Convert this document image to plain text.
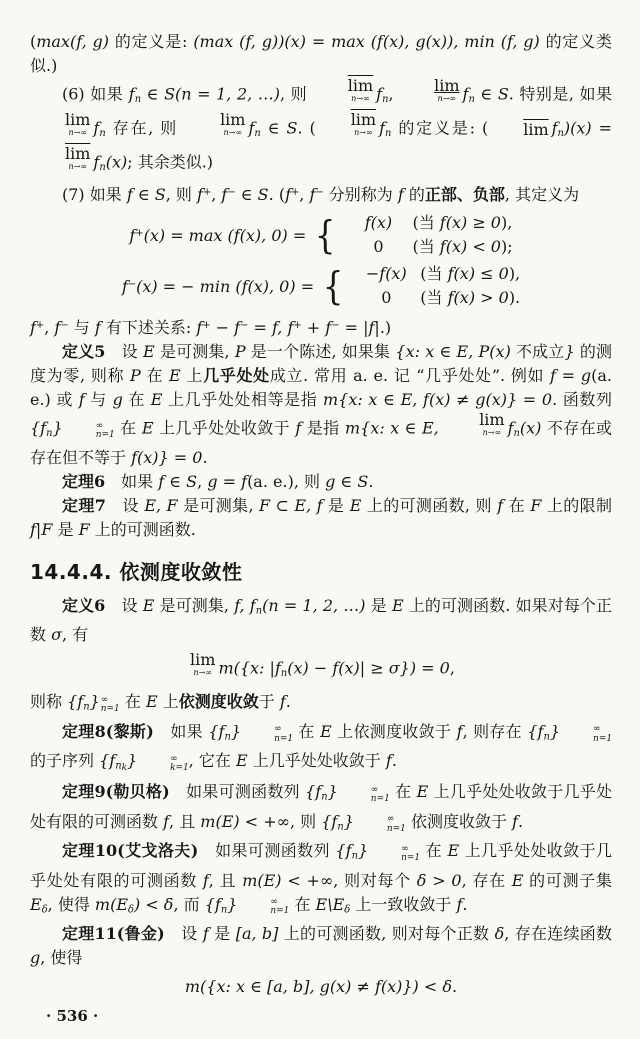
(max(f, g) 的定义是: (max (f, g))(x) = max (f(x), g(x)), min (f, g) 的定义类似.)

(6) 如果 fn ∈ S(n = 1, 2, …), 则	$\overline{lim}$
n→∞ fn,	lim
n→∞ fn ∈ S. 特别是, 如果
lim
n→∞ fn 存在, 则	lim
n→∞ fn ∈ S. (	$\overline{lim}$
n→∞ fn 的定义是: (	$\overline{lim}$ fn)(x) =
$\overline{lim}$
n→∞ fn(x); 其余类似.)

(7) 如果 f ∈ S, 则 f+, f− ∈ S. (f+, f− 分别称为 f 的正部、负部, 其定义为

f+(x) = max (f(x), 0) = {	f(x)	(当 f(x) ≥ 0),
0	(当 f(x) < 0);
f−(x) = − min (f(x), 0) = {	−f(x) (当 f(x) ≤ 0),
0	(当 f(x) > 0).

f+, f− 与 f 有下述关系: f+ − f− = f, f+ + f− = |f|.)

定义5　设 E 是可测集, P 是一个陈述, 如果集 {x: x ∈ E, P(x) 不成立} 的测度为零, 则称 P 在 E 上几乎处处成立. 常用 a. e. 记 “几乎处处”. 例如 f = g(a. e.) 或 f 与 g 在 E 上几乎处处相等是指 m{x: x ∈ E, f(x) ≠ g(x)} = 0. 函数列 {fn}	∞
n=1 在 E 上几乎处处收敛于 f 是指 m{x: x ∈ E,	lim
n→∞ fn(x) 不存在或存在但不等于 f(x)} = 0.

定理6　如果 f ∈ S, g = f(a. e.), 则 g ∈ S.

定理7　设 E, F 是可测集, F ⊂ E, f 是 E 上的可测函数, 则 f 在 F 上的限制 f|F 是 F 上的可测函数.

14.4.4. 依测度收敛性

定义6　设 E 是可测集, f, fn(n = 1, 2, …) 是 E 上的可测函数. 如果对每个正数 σ, 有

lim
n→∞ m({x: |fn(x) − f(x)| ≥ σ}) = 0,

则称 {fn} ∞
n=1 在 E 上依测度收敛于 f.

定理8(黎斯)　如果 {fn}	∞
n=1 在 E 上依测度收敛于 f, 则存在 {fn}	∞
n=1
的子序列 $\{fn_k\}$	∞
k=1 , 它在 E 上几乎处处收敛于 f.

定理9(勒贝格)　如果可测函数列 {fn}	∞
n=1 在 E 上几乎处处收敛于几乎处处有限的可测函数 f, 且 m(E) < +∞, 则 {fn}	∞
n=1 依测度收敛于 f.

定理10(艾戈洛夫)　如果可测函数列 {fn}	∞
n=1 在 E 上几乎处处收敛于几乎处处有限的可测函数 f, 且 m(E) < +∞, 则对每个 δ > 0, 存在 E 的可测子集 Eδ, 使得 m(Eδ) < δ, 而 {fn}	∞
n=1 在 E\Eδ 上一致收敛于 f.

定理11(鲁金)　设 f 是 [a, b] 上的可测函数, 则对每个正数 δ, 存在连续函数 g, 使得

m({x: x ∈ [a, b], g(x) ≠ f(x)}) < δ.
· 536 ·
